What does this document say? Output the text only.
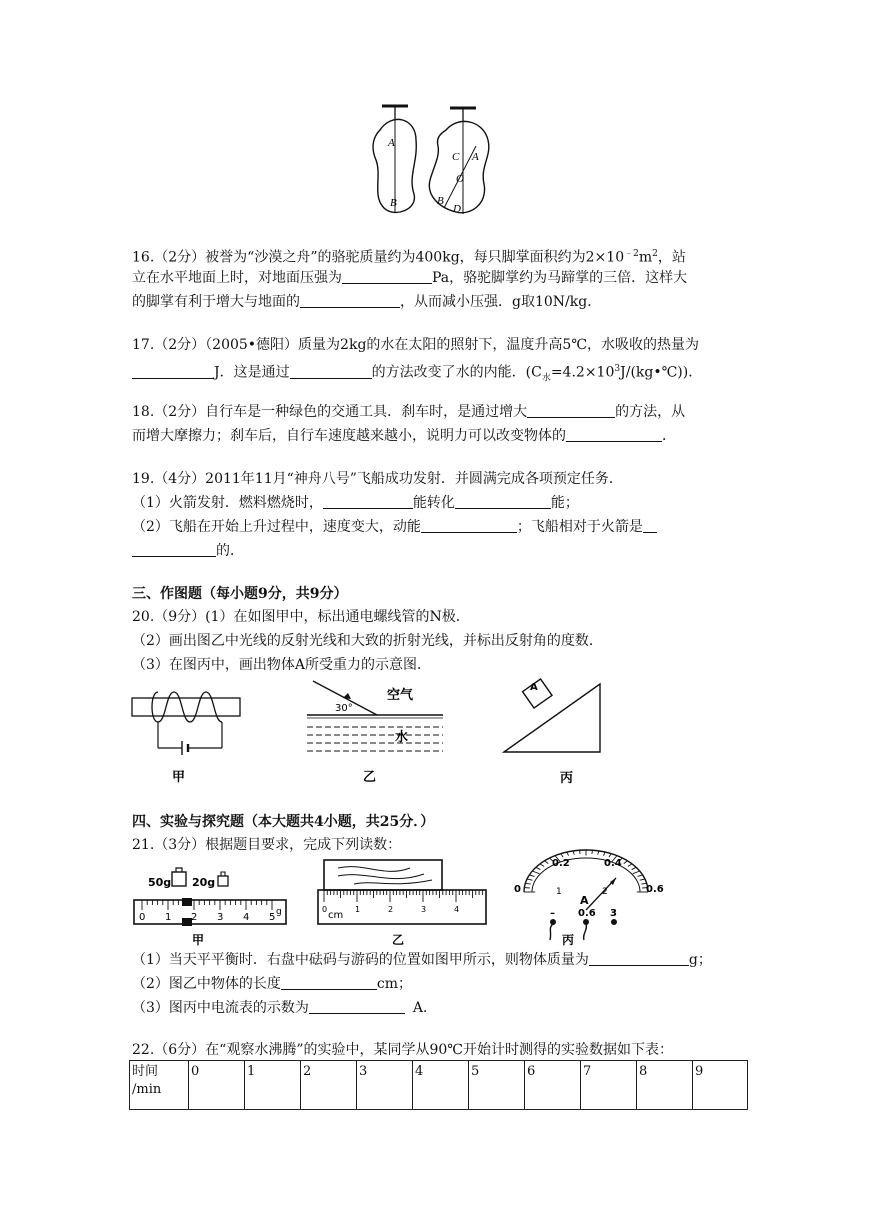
A
B
C A
O
B
D
16.（2分）被誉为“沙漠之舟”的骆驼质量约为400kg，每只脚掌面积约为$2\times 10^{﹣2}m^2$，站
立在水平地面上时，对地面压强为	Pa，骆驼脚掌约为马蹄掌的三倍．这样大
的脚掌有利于增大与地面的	，从而减小压强．g取10N/kg．
17.（2分）（2005•德阳）质量为2kg的水在太阳的照射下，温度升高5℃，水吸收的热量为
J．这是通过	的方法改变了水的内能．$(C_水=4.2\times 10^3J/(kg•℃))$．
18.（2分）自行车是一种绿色的交通工具．刹车时，是通过增大	的方法，从
而增大摩擦力；刹车后，自行车速度越来越小，说明力可以改变物体的	．
19.（4分）2011年11月“神舟八号”飞船成功发射．并圆满完成各项预定任务．
（1）火箭发射．燃料燃烧时，	能转化	能；
（2）飞船在开始上升过程中，速度变大，动能	；飞船相对于火箭是
的．
三、作图题（每小题9分，共9分）
20.（9分）(1）在如图甲中，标出通电螺线管的N极．
（2）画出图乙中光线的反射光线和大致的折射光线，并标出反射角的度数．
（3）在图丙中，画出物体A所受重力的示意图．
甲
空气
水
30°
乙
A
丙
四、实验与探究题（本大题共4小题，共25分．）
21.（3分）根据题目要求，完成下列读数：
50g 20g
0 1 2 3 4 5 g
甲
0	1	2	3	4
cm
乙
0.2	0.4
0	0.6
1	2
A
– 0.6 3
丙
（1）当天平平衡时．右盘中砝码与游码的位置如图甲所示，则物体质量为	g；
（2）图乙中物体的长度	cm；
（3）图丙中电流表的示数为	A．
22.（6分）在“观察水沸腾”的实验中，某同学从90℃开始计时测得的实验数据如下表：
时间
/min	0	1	2	3	4	5	6	7	8	9
